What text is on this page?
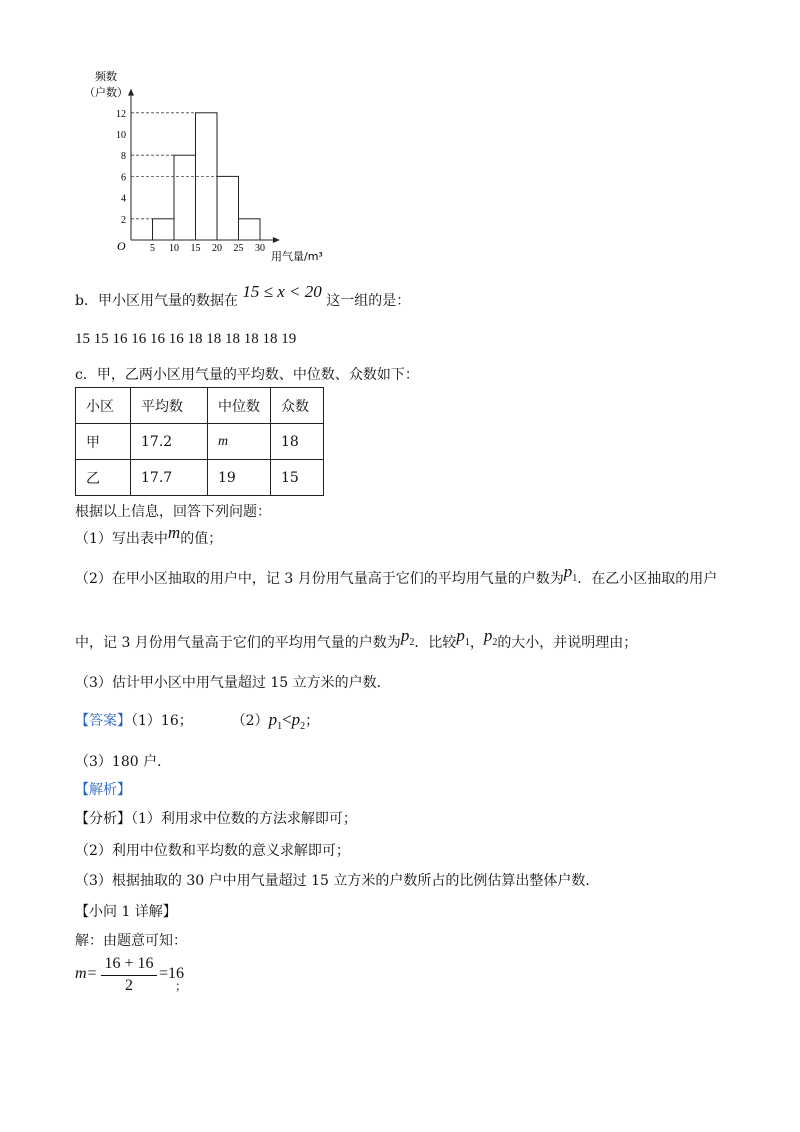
频数
（户数）
用气量/m³
O 5 10 15 20 25 30
2
4
6
8
10
12
b．甲小区用气量的数据在 15 ≤ x < 20 这一组的是：
15 15 16 16 16 16 18 18 18 18 18 19
c．甲，乙两小区用气量的平均数、中位数、众数如下：
小区	平均数	中位数	众数
甲	17.2	m	18
乙	17.7	19	15
根据以上信息，回答下列问题：
（1）写出表中m的值；
（2）在甲小区抽取的用户中，记 3 月份用气量高于它们的平均用气量的户数为$p_1$．在乙小区抽取的用户
中，记 3 月份用气量高于它们的平均用气量的户数为$p_2$．比较$p_1$，$p_2$的大小，并说明理由；
（3）估计甲小区中用气量超过 15 立方米的户数．
【答案】（1）16；	$(2)p_1<p_2$；
（3）180 户．
【解析】
【分析】（1）利用求中位数的方法求解即可；
（2）利用中位数和平均数的意义求解即可；
（3）根据抽取的 30 户中用气量超过 15 立方米的户数所占的比例估算出整体户数．
【小问 1 详解】
解：由题意可知：
m=
16 + 16
2
=16
；
